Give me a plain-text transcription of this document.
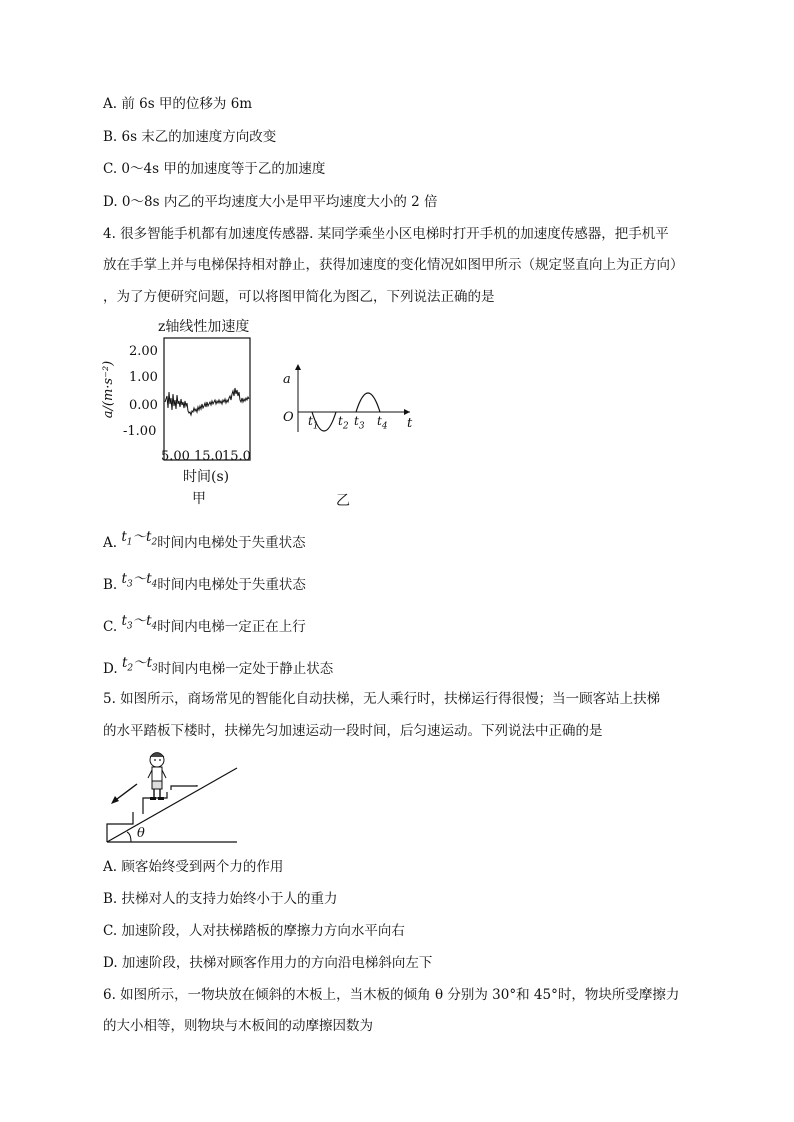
A. 前 6s 甲的位移为 6m
B. 6s 末乙的加速度方向改变
C. 0～4s 甲的加速度等于乙的加速度
D. 0～8s 内乙的平均速度大小是甲平均速度大小的 2 倍
4. 很多智能手机都有加速度传感器. 某同学乘坐小区电梯时打开手机的加速度传感器，把手机平
放在手掌上并与电梯保持相对静止，获得加速度的变化情况如图甲所示（规定竖直向上为正方向）
，为了方便研究问题，可以将图甲简化为图乙，下列说法正确的是
z轴线性加速度
a/(m·s⁻²)
2.00
1.00
0.00
-1.00
5.00 15.0 15.0
时间(s)
甲
a
O	t
$t_1$ $t_2$ $t_3$ $t_4$
乙
A. $t_1\sim t_2$时间内电梯处于失重状态
B. $t_3\sim t_4$时间内电梯处于失重状态
C. $t_3\sim t_4$时间内电梯一定正在上行
D. $t_2\sim t_3$时间内电梯一定处于静止状态
5. 如图所示，商场常见的智能化自动扶梯，无人乘行时，扶梯运行得很慢；当一顾客站上扶梯
的水平踏板下楼时，扶梯先匀加速运动一段时间，后匀速运动。下列说法中正确的是
θ
A. 顾客始终受到两个力的作用
B. 扶梯对人的支持力始终小于人的重力
C. 加速阶段，人对扶梯踏板的摩擦力方向水平向右
D. 加速阶段，扶梯对顾客作用力的方向沿电梯斜向左下
6. 如图所示，一物块放在倾斜的木板上，当木板的倾角 θ 分别为 30°和 45°时，物块所受摩擦力
的大小相等，则物块与木板间的动摩擦因数为
